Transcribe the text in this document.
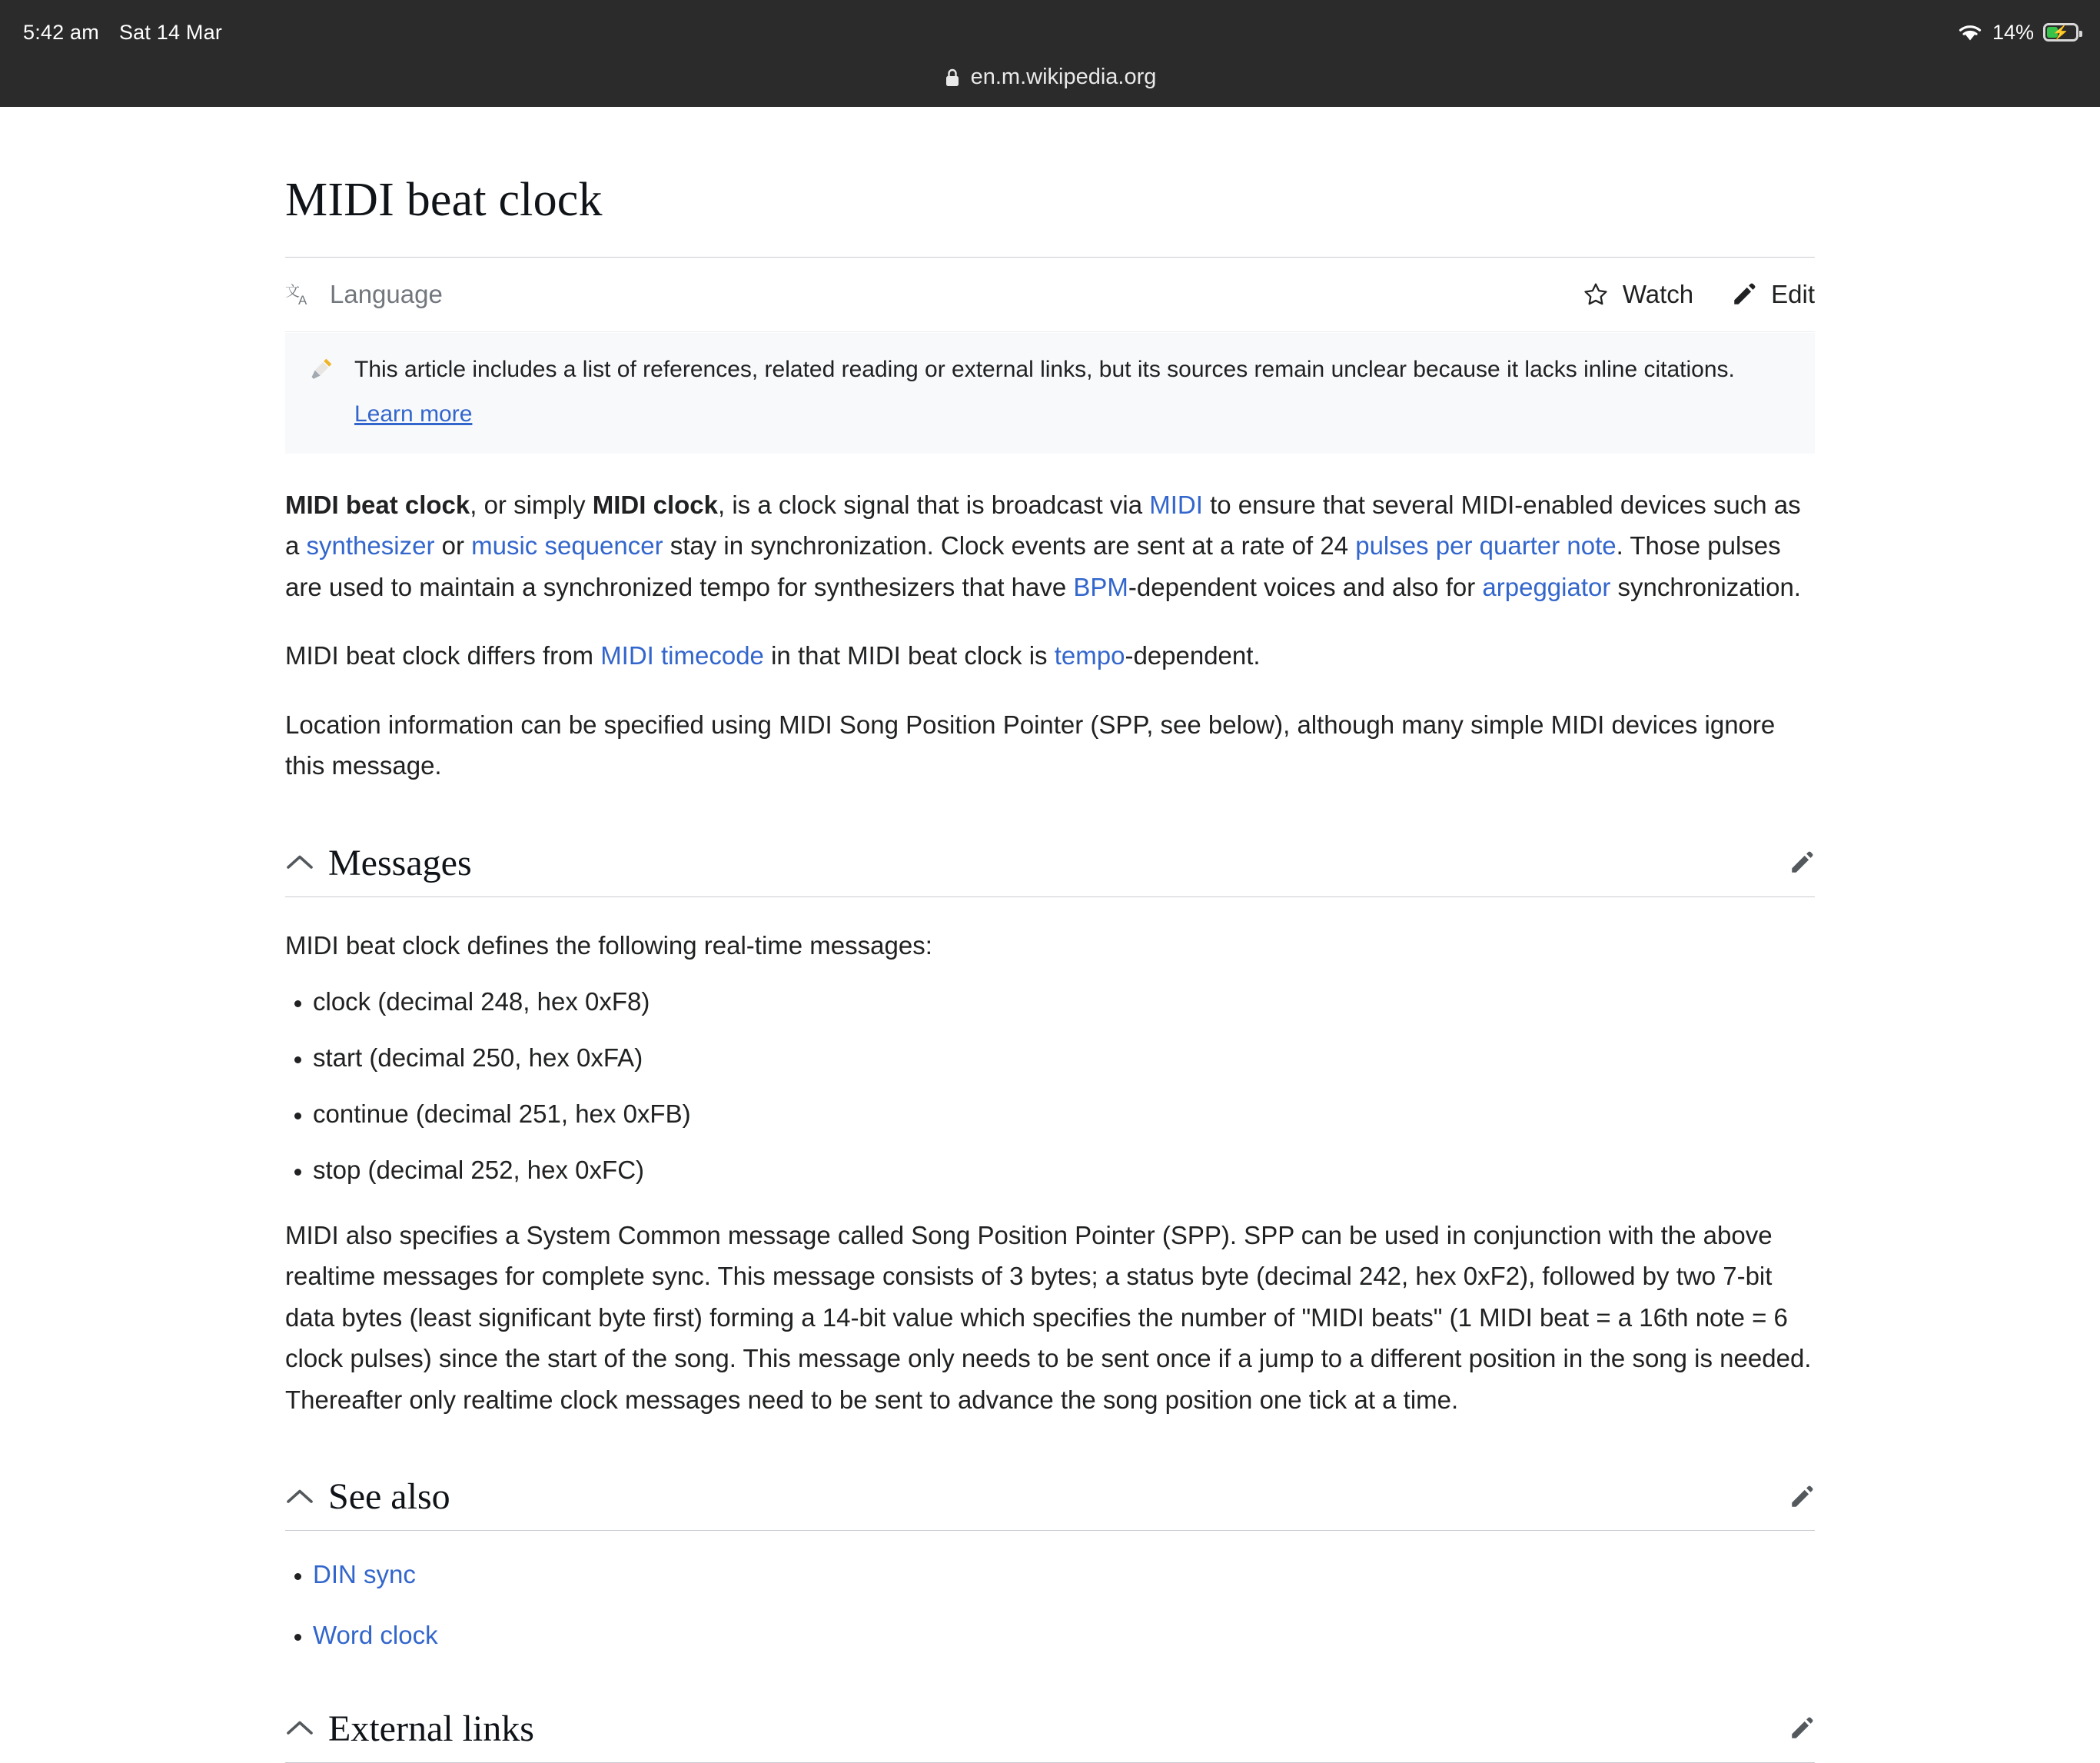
5:42 am Sat 14 Mar	14% ⚡
en.m.wikipedia.org
MIDI beat clock
文
A Language	Watch	Edit
This article includes a list of references, related reading or external links, but its sources remain unclear because it lacks inline citations.
Learn more

MIDI beat clock, or simply MIDI clock, is a clock signal that is broadcast via MIDI to ensure that several MIDI-enabled devices such as a synthesizer or music sequencer stay in synchronization. Clock events are sent at a rate of 24 pulses per quarter note. Those pulses are used to maintain a synchronized tempo for synthesizers that have BPM-dependent voices and also for arpeggiator synchronization.

MIDI beat clock differs from MIDI timecode in that MIDI beat clock is tempo-dependent.

Location information can be specified using MIDI Song Position Pointer (SPP, see below), although many simple MIDI devices ignore this message.

Messages

MIDI beat clock defines the following real-time messages:

• clock (decimal 248, hex 0xF8)
• start (decimal 250, hex 0xFA)
• continue (decimal 251, hex 0xFB)
• stop (decimal 252, hex 0xFC)

MIDI also specifies a System Common message called Song Position Pointer (SPP). SPP can be used in conjunction with the above realtime messages for complete sync. This message consists of 3 bytes; a status byte (decimal 242, hex 0xF2), followed by two 7-bit data bytes (least significant byte first) forming a 14-bit value which specifies the number of "MIDI beats" (1 MIDI beat = a 16th note = 6 clock pulses) since the start of the song. This message only needs to be sent once if a jump to a different position in the song is needed. Thereafter only realtime clock messages need to be sent to advance the song position one tick at a time.

See also
• DIN sync
• Word clock
External links
